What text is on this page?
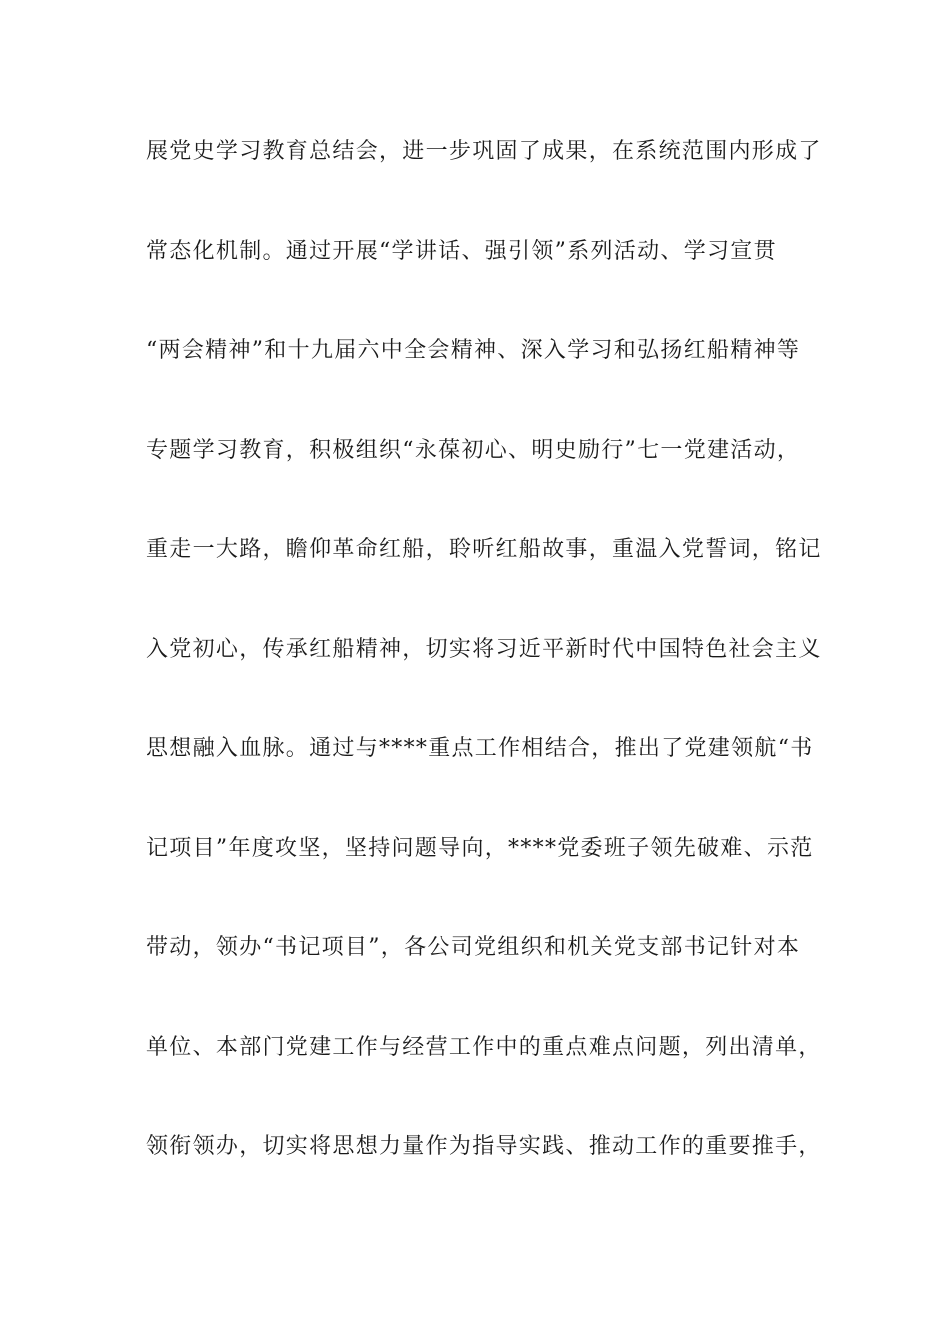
展党史学习教育总结会，进一步巩固了成果，在系统范围内形成了
常态化机制。通过开展“学讲话、强引领”系列活动、学习宣贯
“两会精神”和十九届六中全会精神、深入学习和弘扬红船精神等
专题学习教育，积极组织“永葆初心、明史励行”七一党建活动，
重走一大路，瞻仰革命红船，聆听红船故事，重温入党誓词，铭记
入党初心，传承红船精神，切实将习近平新时代中国特色社会主义
思想融入血脉。通过与****重点工作相结合，推出了党建领航“书
记项目”年度攻坚，坚持问题导向，****党委班子领先破难、示范
带动，领办“书记项目”，各公司党组织和机关党支部书记针对本
单位、本部门党建工作与经营工作中的重点难点问题，列出清单，
领衔领办，切实将思想力量作为指导实践、推动工作的重要推手，
